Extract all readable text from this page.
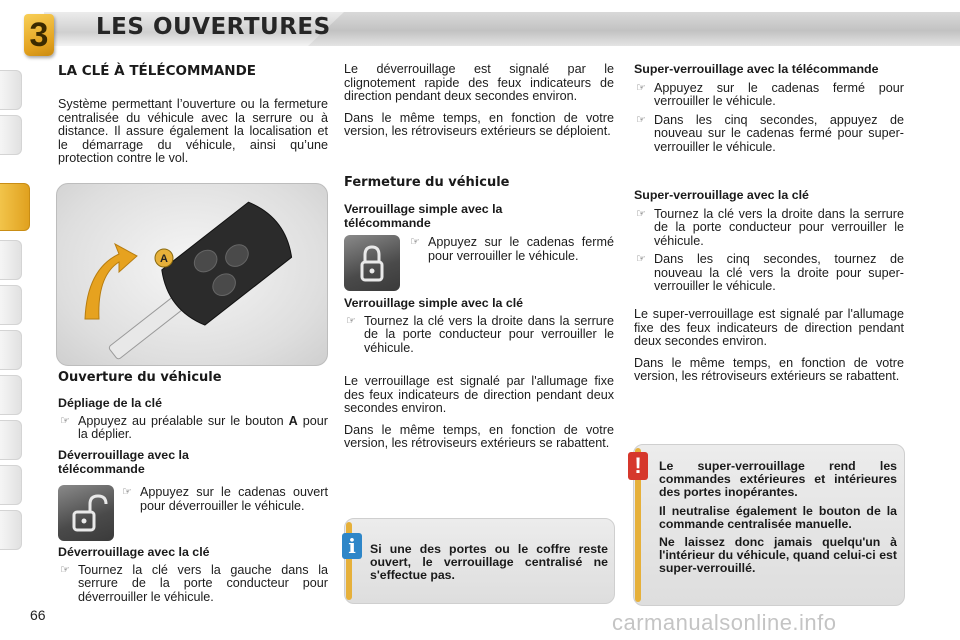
3 LES OUVERTURES
LA CLÉ À TÉLÉCOMMANDE

Système permettant l’ouverture ou la fermeture centralisée du véhicule avec la serrure ou à distance. Il assure également la localisation et le démarrage du véhicule, ainsi qu’une protection contre le vol.

A
Ouverture du véhicule
Dépliage de la clé
☞ Appuyez au préalable sur le bouton A pour la déplier.
Déverrouillage avec la télécommande
☞ Appuyez sur le cadenas ouvert pour déverrouiller le véhicule.
Déverrouillage avec la clé
☞ Tournez la clé vers la gauche dans la serrure de la porte conducteur pour déverrouiller le véhicule.

Le déverrouillage est signalé par le clignotement rapide des feux indicateurs de direction pendant deux secondes environ.

Dans le même temps, en fonction de votre version, les rétroviseurs extérieurs se déploient.

Fermeture du véhicule
Verrouillage simple avec la télécommande
☞ Appuyez sur le cadenas fermé pour verrouiller le véhicule.
Verrouillage simple avec la clé
☞ Tournez la clé vers la droite dans la serrure de la porte conducteur pour verrouiller le véhicule.

Le verrouillage est signalé par l'allumage fixe des feux indicateurs de direction pendant deux secondes environ.

Dans le même temps, en fonction de votre version, les rétroviseurs extérieurs se rabattent.

i	Si une des portes ou le coffre reste ouvert, le verrouillage centralisé ne s'effectue pas.
Super-verrouillage avec la télécommande
☞ Appuyez sur le cadenas fermé pour verrouiller le véhicule.
☞ Dans les cinq secondes, appuyez de nouveau sur le cadenas fermé pour super-verrouiller le véhicule.
Super-verrouillage avec la clé
☞ Tournez la clé vers la droite dans la serrure de la porte conducteur pour verrouiller le véhicule.
☞ Dans les cinq secondes, tournez de nouveau la clé vers la droite pour super-verrouiller le véhicule.

Le super-verrouillage est signalé par l'allumage fixe des feux indicateurs de direction pendant deux secondes environ.

Dans le même temps, en fonction de votre version, les rétroviseurs extérieurs se rabattent.

!	Le super-verrouillage rend les commandes extérieures et intérieures des portes inopérantes.

Il neutralise également le bouton de la commande centralisée manuelle.

Ne laissez donc jamais quelqu'un à l'intérieur du véhicule, quand celui-ci est super-verrouillé.

66	carmanualsonline.info
